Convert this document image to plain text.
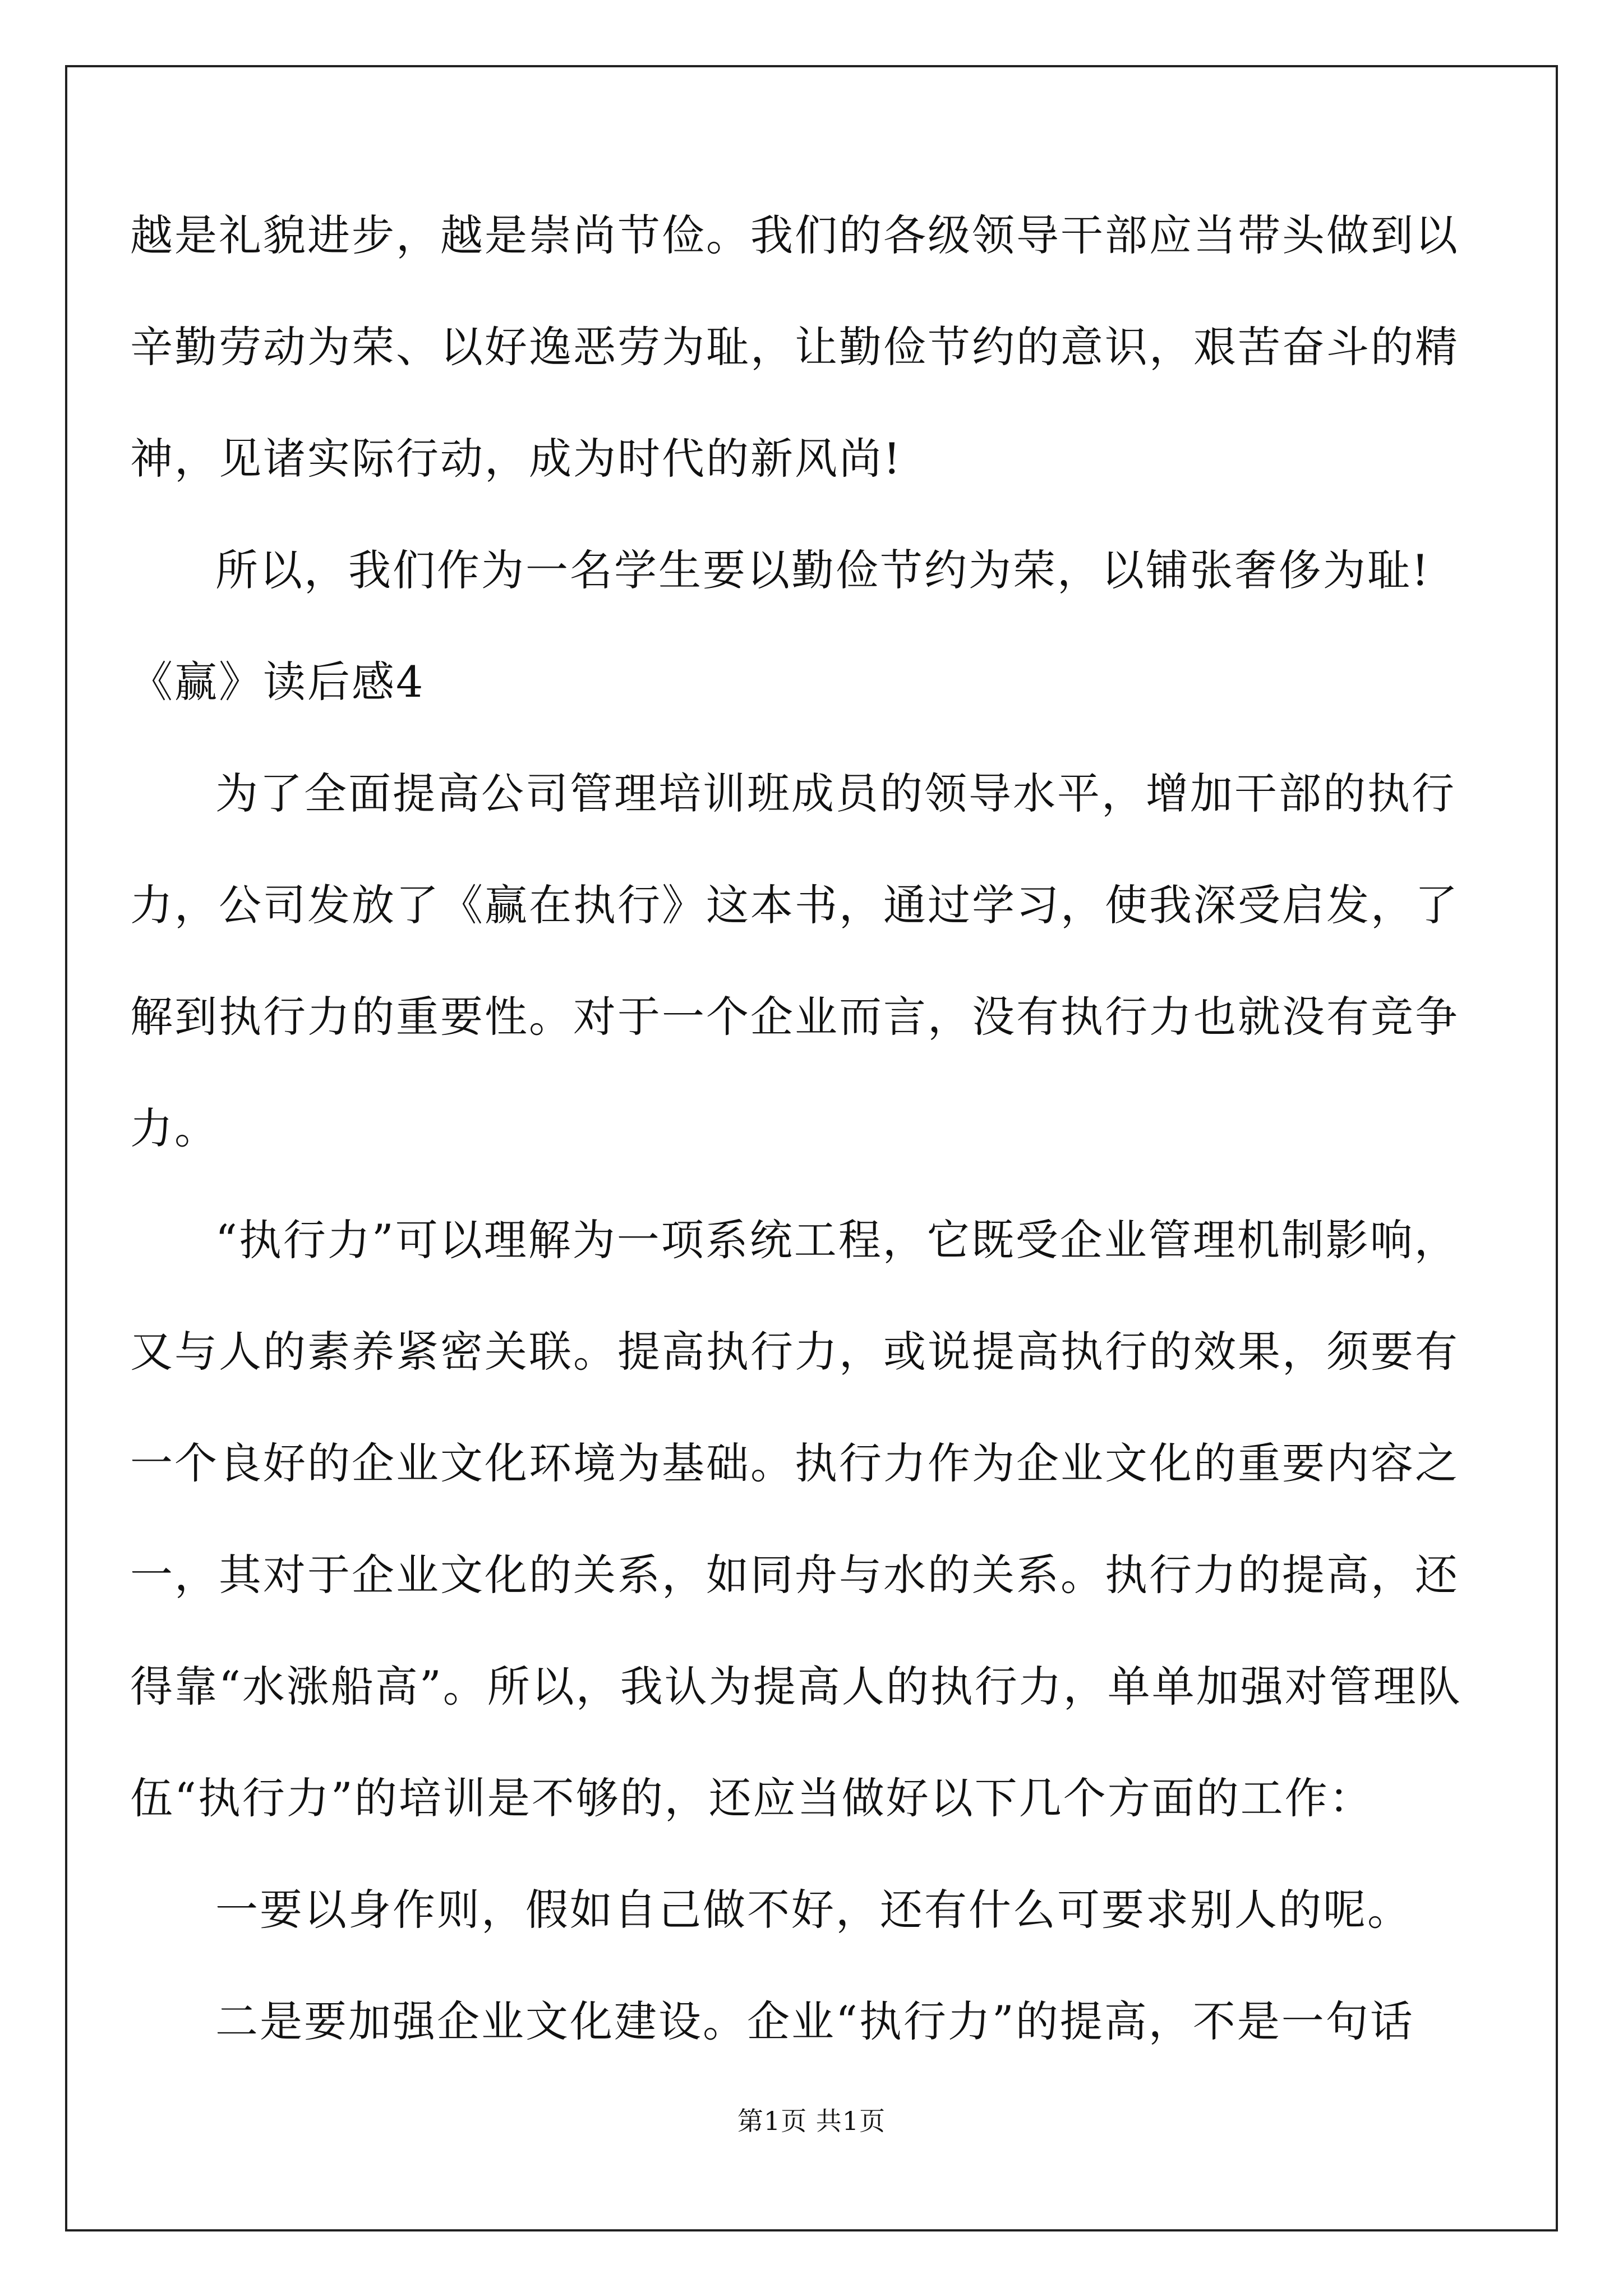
越是礼貌进步，越是崇尚节俭。我们的各级领导干部应当带头做到以
辛勤劳动为荣、以好逸恶劳为耻，让勤俭节约的意识，艰苦奋斗的精
神，见诸实际行动，成为时代的新风尚!
所以，我们作为一名学生要以勤俭节约为荣，以铺张奢侈为耻!
《赢》读后感4
为了全面提高公司管理培训班成员的领导水平，增加干部的执行
力，公司发放了《赢在执行》这本书，通过学习，使我深受启发，了
解到执行力的重要性。对于一个企业而言，没有执行力也就没有竞争
力。
“执行力”可以理解为一项系统工程，它既受企业管理机制影响，
又与人的素养紧密关联。提高执行力，或说提高执行的效果，须要有
一个良好的企业文化环境为基础。执行力作为企业文化的重要内容之
一，其对于企业文化的关系，如同舟与水的关系。执行力的提高，还
得靠“水涨船高”。所以，我认为提高人的执行力，单单加强对管理队
伍“执行力”的培训是不够的，还应当做好以下几个方面的工作：
一要以身作则，假如自己做不好，还有什么可要求别人的呢。
二是要加强企业文化建设。企业“执行力”的提高，不是一句话
第1页 共1页
